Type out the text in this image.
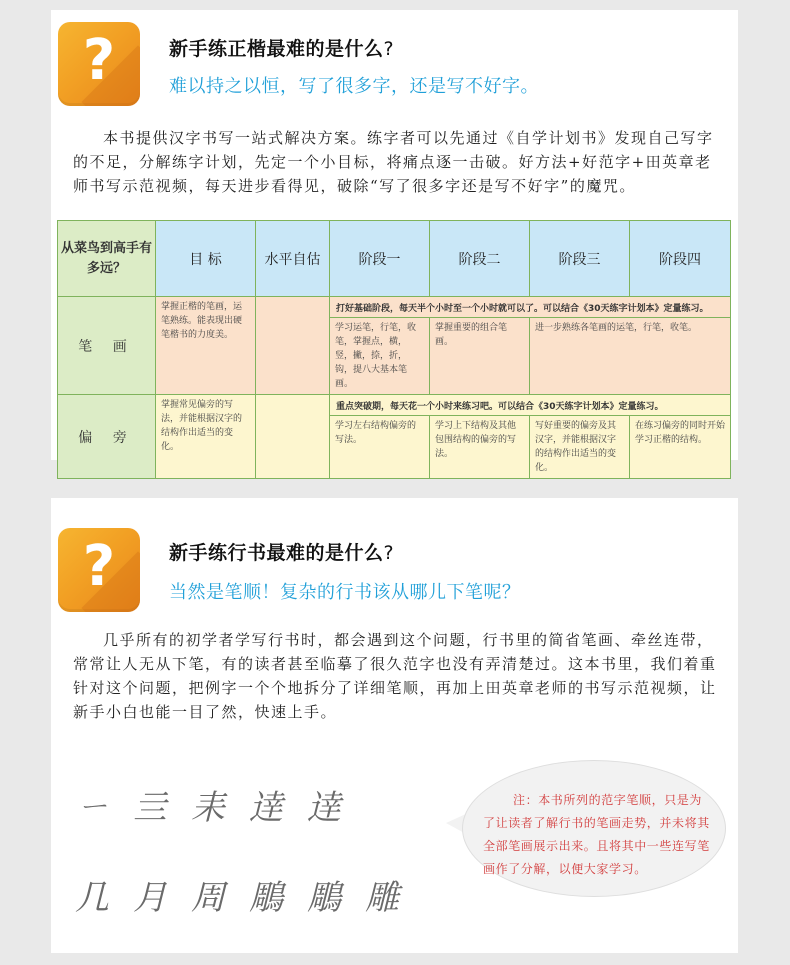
?	新手练正楷最难的是什么?
难以持之以恒，写了很多字，还是写不好字。

本书提供汉字书写一站式解决方案。练字者可以先通过《自学计划书》发现自己写字的不足，分解练字计划，先定一个小目标，将痛点逐一击破。好方法+好范字+田英章老师书写示范视频，每天进步看得见，破除“写了很多字还是写不好字”的魔咒。

从菜鸟到高手有多远？	目 标	水平自估	阶段一	阶段二	阶段三	阶段四
笔 画	掌握正楷的笔画，运笔熟练。能表现出硬笔楷书的力度美。		打好基础阶段，每天半个小时至一个小时就可以了。可以结合《30天练字计划本》定量练习。			
			学习运笔，行笔，收笔，掌握点，横，竖，撇，捺，折，钩，提八大基本笔画。	掌握重要的组合笔画。	进一步熟练各笔画的运笔，行笔，收笔。	
偏 旁	掌握常见偏旁的写法，并能根据汉字的结构作出适当的变化。		重点突破期，每天花一个小时来练习吧。可以结合《30天练字计划本》定量练习。			
			学习左右结构偏旁的写法。	学习上下结构及其他包围结构的偏旁的写法。	写好重要的偏旁及其汉字，并能根据汉字的结构作出适当的变化。	在练习偏旁的同时开始学习正楷的结构。
?	新手练行书最难的是什么?
当然是笔顺！复杂的行书该从哪儿下笔呢？

几乎所有的初学者学写行书时，都会遇到这个问题，行书里的简省笔画、牵丝连带，常常让人无从下笔，有的读者甚至临摹了很久范字也没有弄清楚过。这本书里，我们着重针对这个问题，把例字一个个地拆分了详细笔顺，再加上田英章老师的书写示范视频，让新手小白也能一目了然，快速上手。

ㄧ 亖 耒 逹 逹
几 月 周 鵰 鵰 雕

注：本书所列的范字笔顺，只是为了让读者了解行书的笔画走势，并未将其全部笔画展示出来。且将其中一些连写笔画作了分解，以便大家学习。
